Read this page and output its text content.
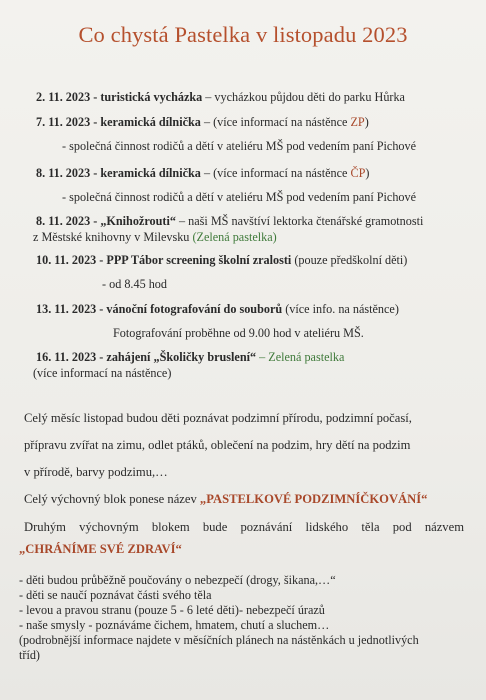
Co chystá Pastelka v listopadu 2023
2. 11. 2023 - turistická vycházka – vycházkou půjdou děti do parku Hůrka
7. 11. 2023 - keramická dílnička – (více informací na nástěnce ZP)
- společná činnost rodičů a dětí v ateliéru MŠ pod vedením paní Pichové
8. 11. 2023 - keramická dílnička – (více informací na nástěnce ČP)
- společná činnost rodičů a dětí v ateliéru MŠ pod vedením paní Pichové
8. 11. 2023 - „Knihožrouti“ – naši MŠ navštíví lektorka čtenářské gramotnosti
z Městské knihovny v Milevsku (Zelená pastelka)
10. 11. 2023 - PPP Tábor screening školní zralosti (pouze předškolní děti)
- od 8.45 hod
13. 11. 2023 - vánoční fotografování do souborů (více info. na nástěnce)
Fotografování proběhne od 9.00 hod v ateliéru MŠ.
16. 11. 2023 - zahájení „Školičky bruslení“ – Zelená pastelka
(více informací na nástěnce)
Celý měsíc listopad budou děti poznávat podzimní přírodu, podzimní počasí,
přípravu zvířat na zimu, odlet ptáků, oblečení na podzim, hry dětí na podzim
v přírodě, barvy podzimu,…
Celý výchovný blok ponese název „PASTELKOVÉ PODZIMNÍČKOVÁNÍ“
Druhým výchovným blokem bude poznávání lidského těla pod názvem
„CHRÁNÍME SVÉ ZDRAVÍ“
- děti budou průběžně poučovány o nebezpečí (drogy, šikana,…“
- děti se naučí poznávat části svého těla
- levou a pravou stranu (pouze 5 - 6 leté děti)- nebezpečí úrazů
- naše smysly - poznáváme čichem, hmatem, chutí a sluchem…
(podrobnější informace najdete v měsíčních plánech na nástěnkách u jednotlivých
tříd)
